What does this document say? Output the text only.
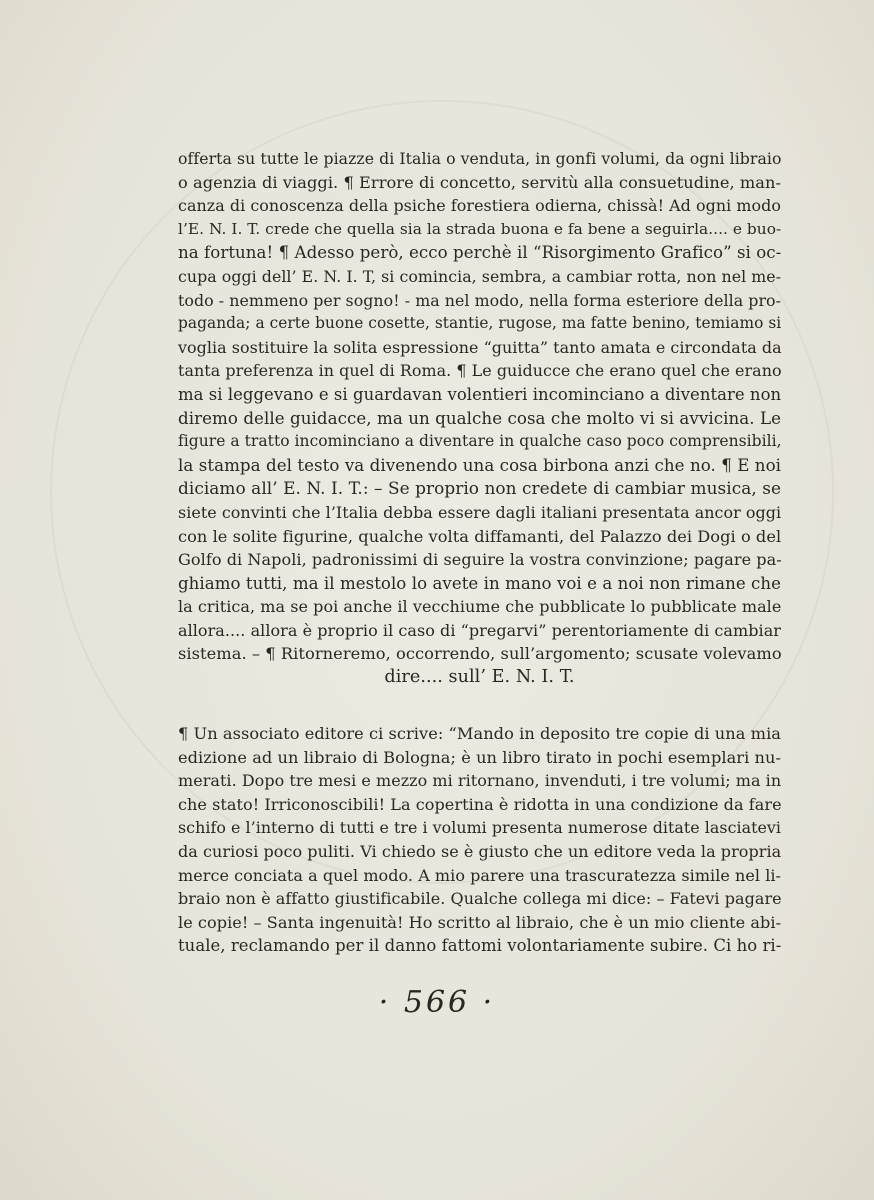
offerta su tutte le piazze di Italia o venduta, in gonfi volumi, da ogni libraio
o agenzia di viaggi. ¶ Errore di concetto, servitù alla consuetudine, man-
canza di conoscenza della psiche forestiera odierna, chissà! Ad ogni modo
l’E. N. I. T. crede che quella sia la strada buona e fa bene a seguirla.... e buo-
na fortuna! ¶ Adesso però, ecco perchè il “Risorgimento Grafico” si oc-
cupa oggi dell’ E. N. I. T, si comincia, sembra, a cambiar rotta, non nel me-
todo - nemmeno per sogno! - ma nel modo, nella forma esteriore della pro-
paganda; a certe buone cosette, stantie, rugose, ma fatte benino, temiamo si
voglia sostituire la solita espressione “guitta” tanto amata e circondata da
tanta preferenza in quel di Roma. ¶ Le guiducce che erano quel che erano
ma si leggevano e si guardavan volentieri incominciano a diventare non
diremo delle guidacce, ma un qualche cosa che molto vi si avvicina. Le
figure a tratto incominciano a diventare in qualche caso poco comprensibili,
la stampa del testo va divenendo una cosa birbona anzi che no. ¶ E noi
diciamo all’ E. N. I. T.: – Se proprio non credete di cambiar musica, se
siete convinti che l’Italia debba essere dagli italiani presentata ancor oggi
con le solite figurine, qualche volta diffamanti, del Palazzo dei Dogi o del
Golfo di Napoli, padronissimi di seguire la vostra convinzione; pagare pa-
ghiamo tutti, ma il mestolo lo avete in mano voi e a noi non rimane che
la critica, ma se poi anche il vecchiume che pubblicate lo pubblicate male
allora.... allora è proprio il caso di “pregarvi” perentoriamente di cambiar
sistema. – ¶ Ritorneremo, occorrendo, sull’argomento; scusate volevamo
dire.... sull’ E. N. I. T.
¶ Un associato editore ci scrive: “Mando in deposito tre copie di una mia
edizione ad un libraio di Bologna; è un libro tirato in pochi esemplari nu-
merati. Dopo tre mesi e mezzo mi ritornano, invenduti, i tre volumi; ma in
che stato! Irriconoscibili! La copertina è ridotta in una condizione da fare
schifo e l’interno di tutti e tre i volumi presenta numerose ditate lasciatevi
da curiosi poco puliti. Vi chiedo se è giusto che un editore veda la propria
merce conciata a quel modo. A mio parere una trascuratezza simile nel li-
braio non è affatto giustificabile. Qualche collega mi dice: – Fatevi pagare
le copie! – Santa ingenuità! Ho scritto al libraio, che è un mio cliente abi-
tuale, reclamando per il danno fattomi volontariamente subire. Ci ho ri-
· 566 ·
